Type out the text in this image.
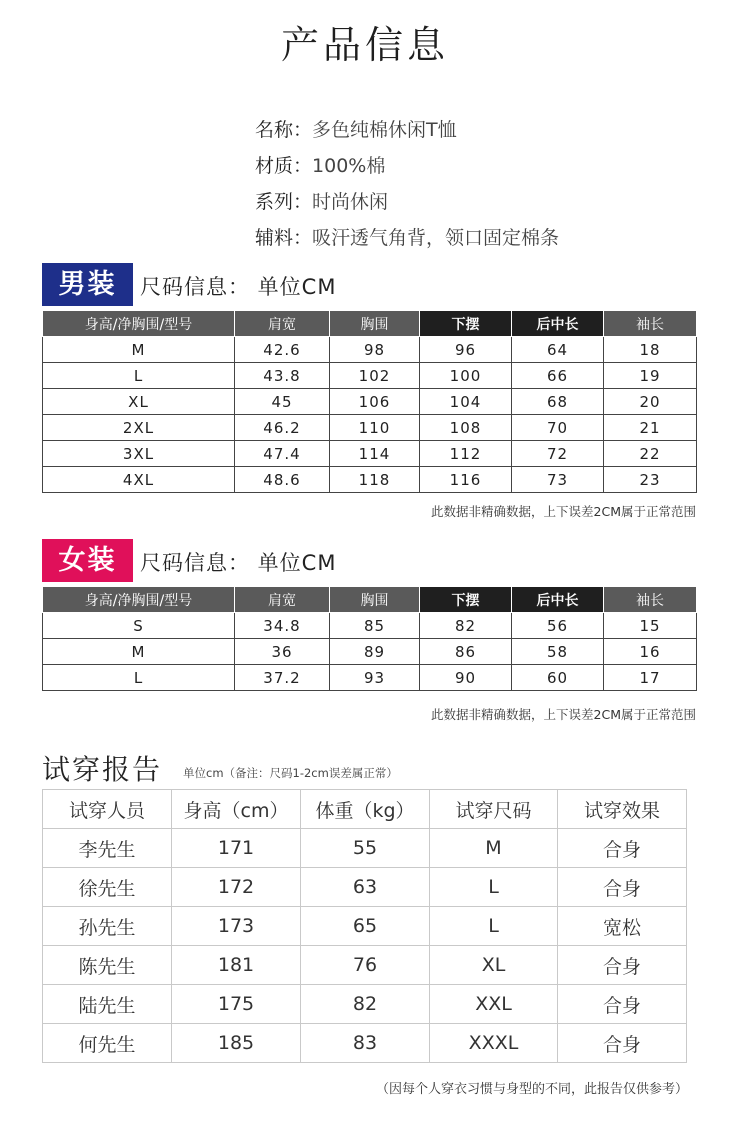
产品信息
名称：多色纯棉休闲T恤
材质：100%棉
系列：时尚休闲
辅料：吸汗透气角背，领口固定棉条
男装	尺码信息： 单位CM
身高/净胸围/型号	肩宽	胸围	下摆	后中长	袖长
M	42.6	98	96	64	18
L	43.8	102	100	66	19
XL	45	106	104	68	20
2XL	46.2	110	108	70	21
3XL	47.4	114	112	72	22
4XL	48.6	118	116	73	23
此数据非精确数据，上下误差2CM属于正常范围
女装	尺码信息： 单位CM
身高/净胸围/型号	肩宽	胸围	下摆	后中长	袖长
S	34.8	85	82	56	15
M	36	89	86	58	16
L	37.2	93	90	60	17
此数据非精确数据，上下误差2CM属于正常范围
试穿报告 单位cm（备注：尺码1-2cm误差属正常）
试穿人员	身高（cm）	体重（kg）	试穿尺码	试穿效果
李先生	171	55	M	合身
徐先生	172	63	L	合身
孙先生	173	65	L	宽松
陈先生	181	76	XL	合身
陆先生	175	82	XXL	合身
何先生	185	83	XXXL	合身
（因每个人穿衣习惯与身型的不同，此报告仅供参考）
